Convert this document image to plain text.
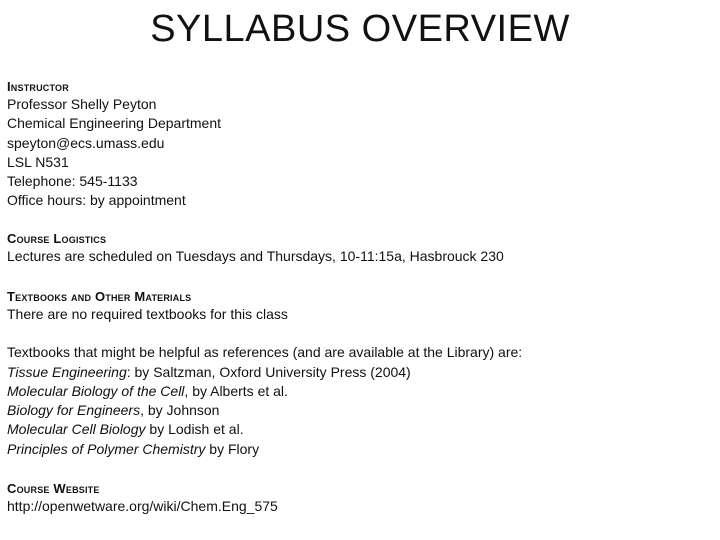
SYLLABUS OVERVIEW
Instructor
Professor Shelly Peyton
Chemical Engineering Department
speyton@ecs.umass.edu
LSL N531
Telephone: 545-1133
Office hours: by appointment
Course Logistics
Lectures are scheduled on Tuesdays and Thursdays, 10-11:15a, Hasbrouck 230
Textbooks and Other Materials
There are no required textbooks for this class
Textbooks that might be helpful as references (and are available at the Library) are:
Tissue Engineering: by Saltzman, Oxford University Press (2004)
Molecular Biology of the Cell, by Alberts et al.
Biology for Engineers, by Johnson
Molecular Cell Biology by Lodish et al.
Principles of Polymer Chemistry by Flory
Course Website
http://openwetware.org/wiki/Chem.Eng_575
